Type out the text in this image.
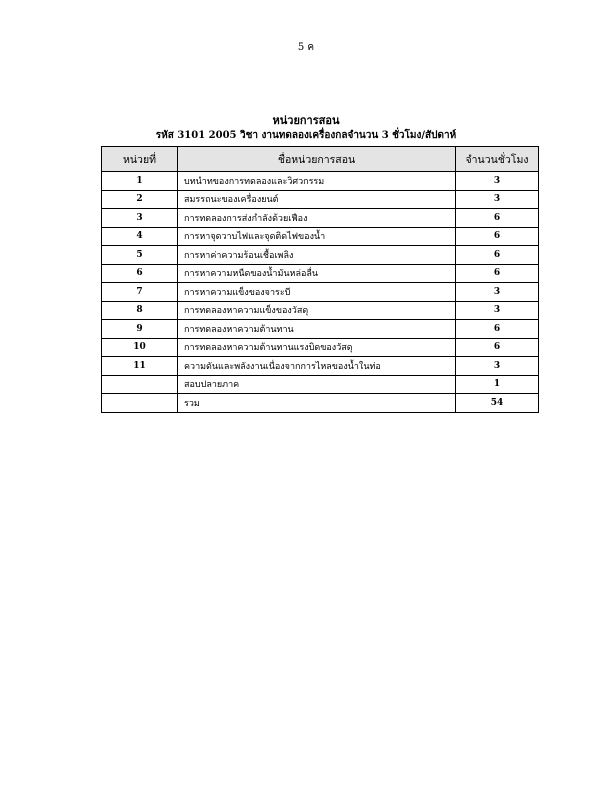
5 ค
หน่วยการสอน
รหัส 3101 2005 วิชา งานทดลองเครื่องกลจำนวน 3 ชั่วโมง/สัปดาห์
หน่วยที่	ชื่อหน่วยการสอน	จำนวนชั่วโมง
1	บทนำทของการทดลองและวิศวกรรม	3
2	สมรรถนะของเครื่องยนต์	3
3	การทดลองการส่งกำลังด้วยเฟือง	6
4	การหาจุดวาบไฟและจุดติดไฟของน้ำ	6
5	การหาค่าความร้อนเชื้อเพลิง	6
6	การหาความหนืดของน้ำมันหล่อลื่น	6
7	การหาความแข็งของจาระบี	3
8	การทดลองหาความแข็งของวัสดุ	3
9	การทดลองหาความต้านทาน	6
10	การทดลองหาความต้านทานแรงบิดของวัสดุ	6
11	ความดันและพลังงานเนื่องจากการไหลของน้ำในท่อ	3
	สอบปลายภาค	1
	รวม	54
